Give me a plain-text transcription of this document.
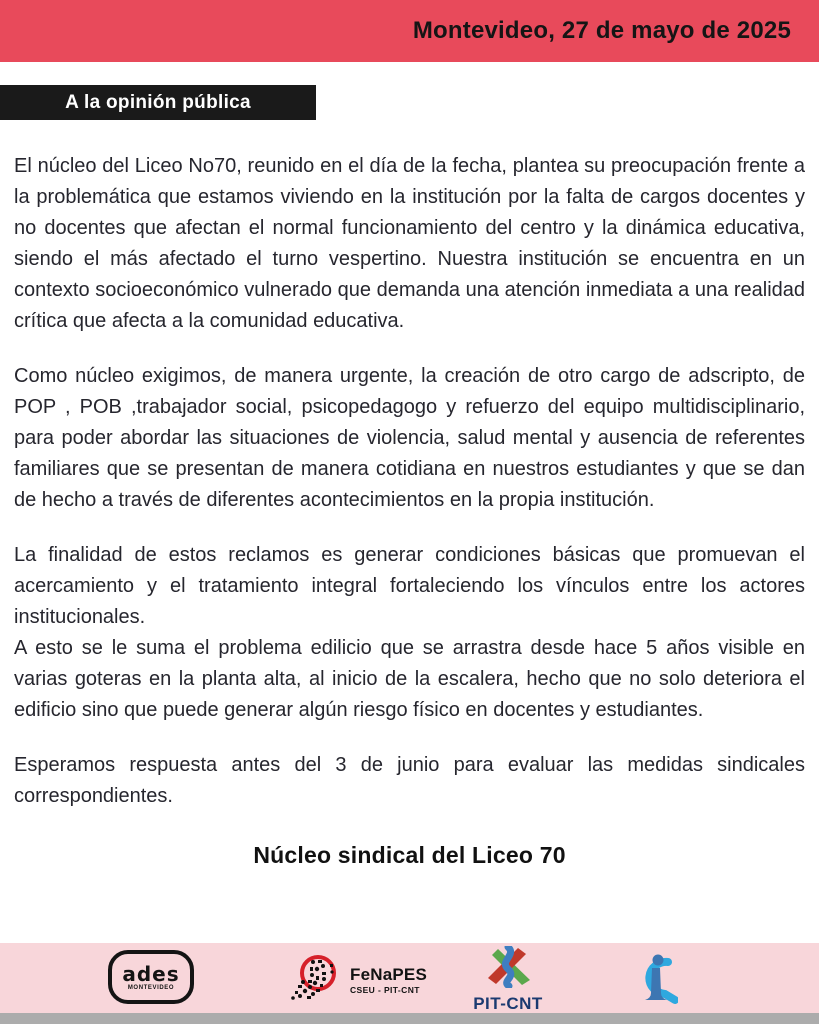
Montevideo, 27 de mayo de 2025
A la opinión pública

El núcleo del Liceo No70, reunido en el día de la fecha, plantea su preocupación frente a la problemática que estamos viviendo en la institución por la falta de cargos docentes y no docentes que afectan el normal funcionamiento del centro y la dinámica educativa, siendo el más afectado el turno vespertino. Nuestra institución se encuentra en un contexto socioeconómico vulnerado que demanda una atención inmediata a una realidad crítica que afecta a la comunidad educativa.

Como núcleo exigimos, de manera urgente, la creación de otro cargo de adscripto, de POP , POB ,trabajador social, psicopedagogo y refuerzo del equipo multidisciplinario, para poder abordar las situaciones de violencia, salud mental y ausencia de referentes familiares que se presentan de manera cotidiana en nuestros estudiantes y que se dan de hecho a través de diferentes acontecimientos en la propia institución.

La finalidad de estos reclamos es generar condiciones básicas que promuevan el acercamiento y el tratamiento integral fortaleciendo los vínculos entre los actores institucionales.

A esto se le suma el problema edilicio que se arrastra desde hace 5 años visible en varias goteras en la planta alta, al inicio de la escalera, hecho que no solo deteriora el edificio sino que puede generar algún riesgo físico en docentes y estudiantes.

Esperamos respuesta antes del 3 de junio para evaluar las medidas sindicales correspondientes.

Núcleo sindical del Liceo 70
ades
MONTEVIDEO
FeNaPES
CSEU - PIT-CNT
PIT-CNT
